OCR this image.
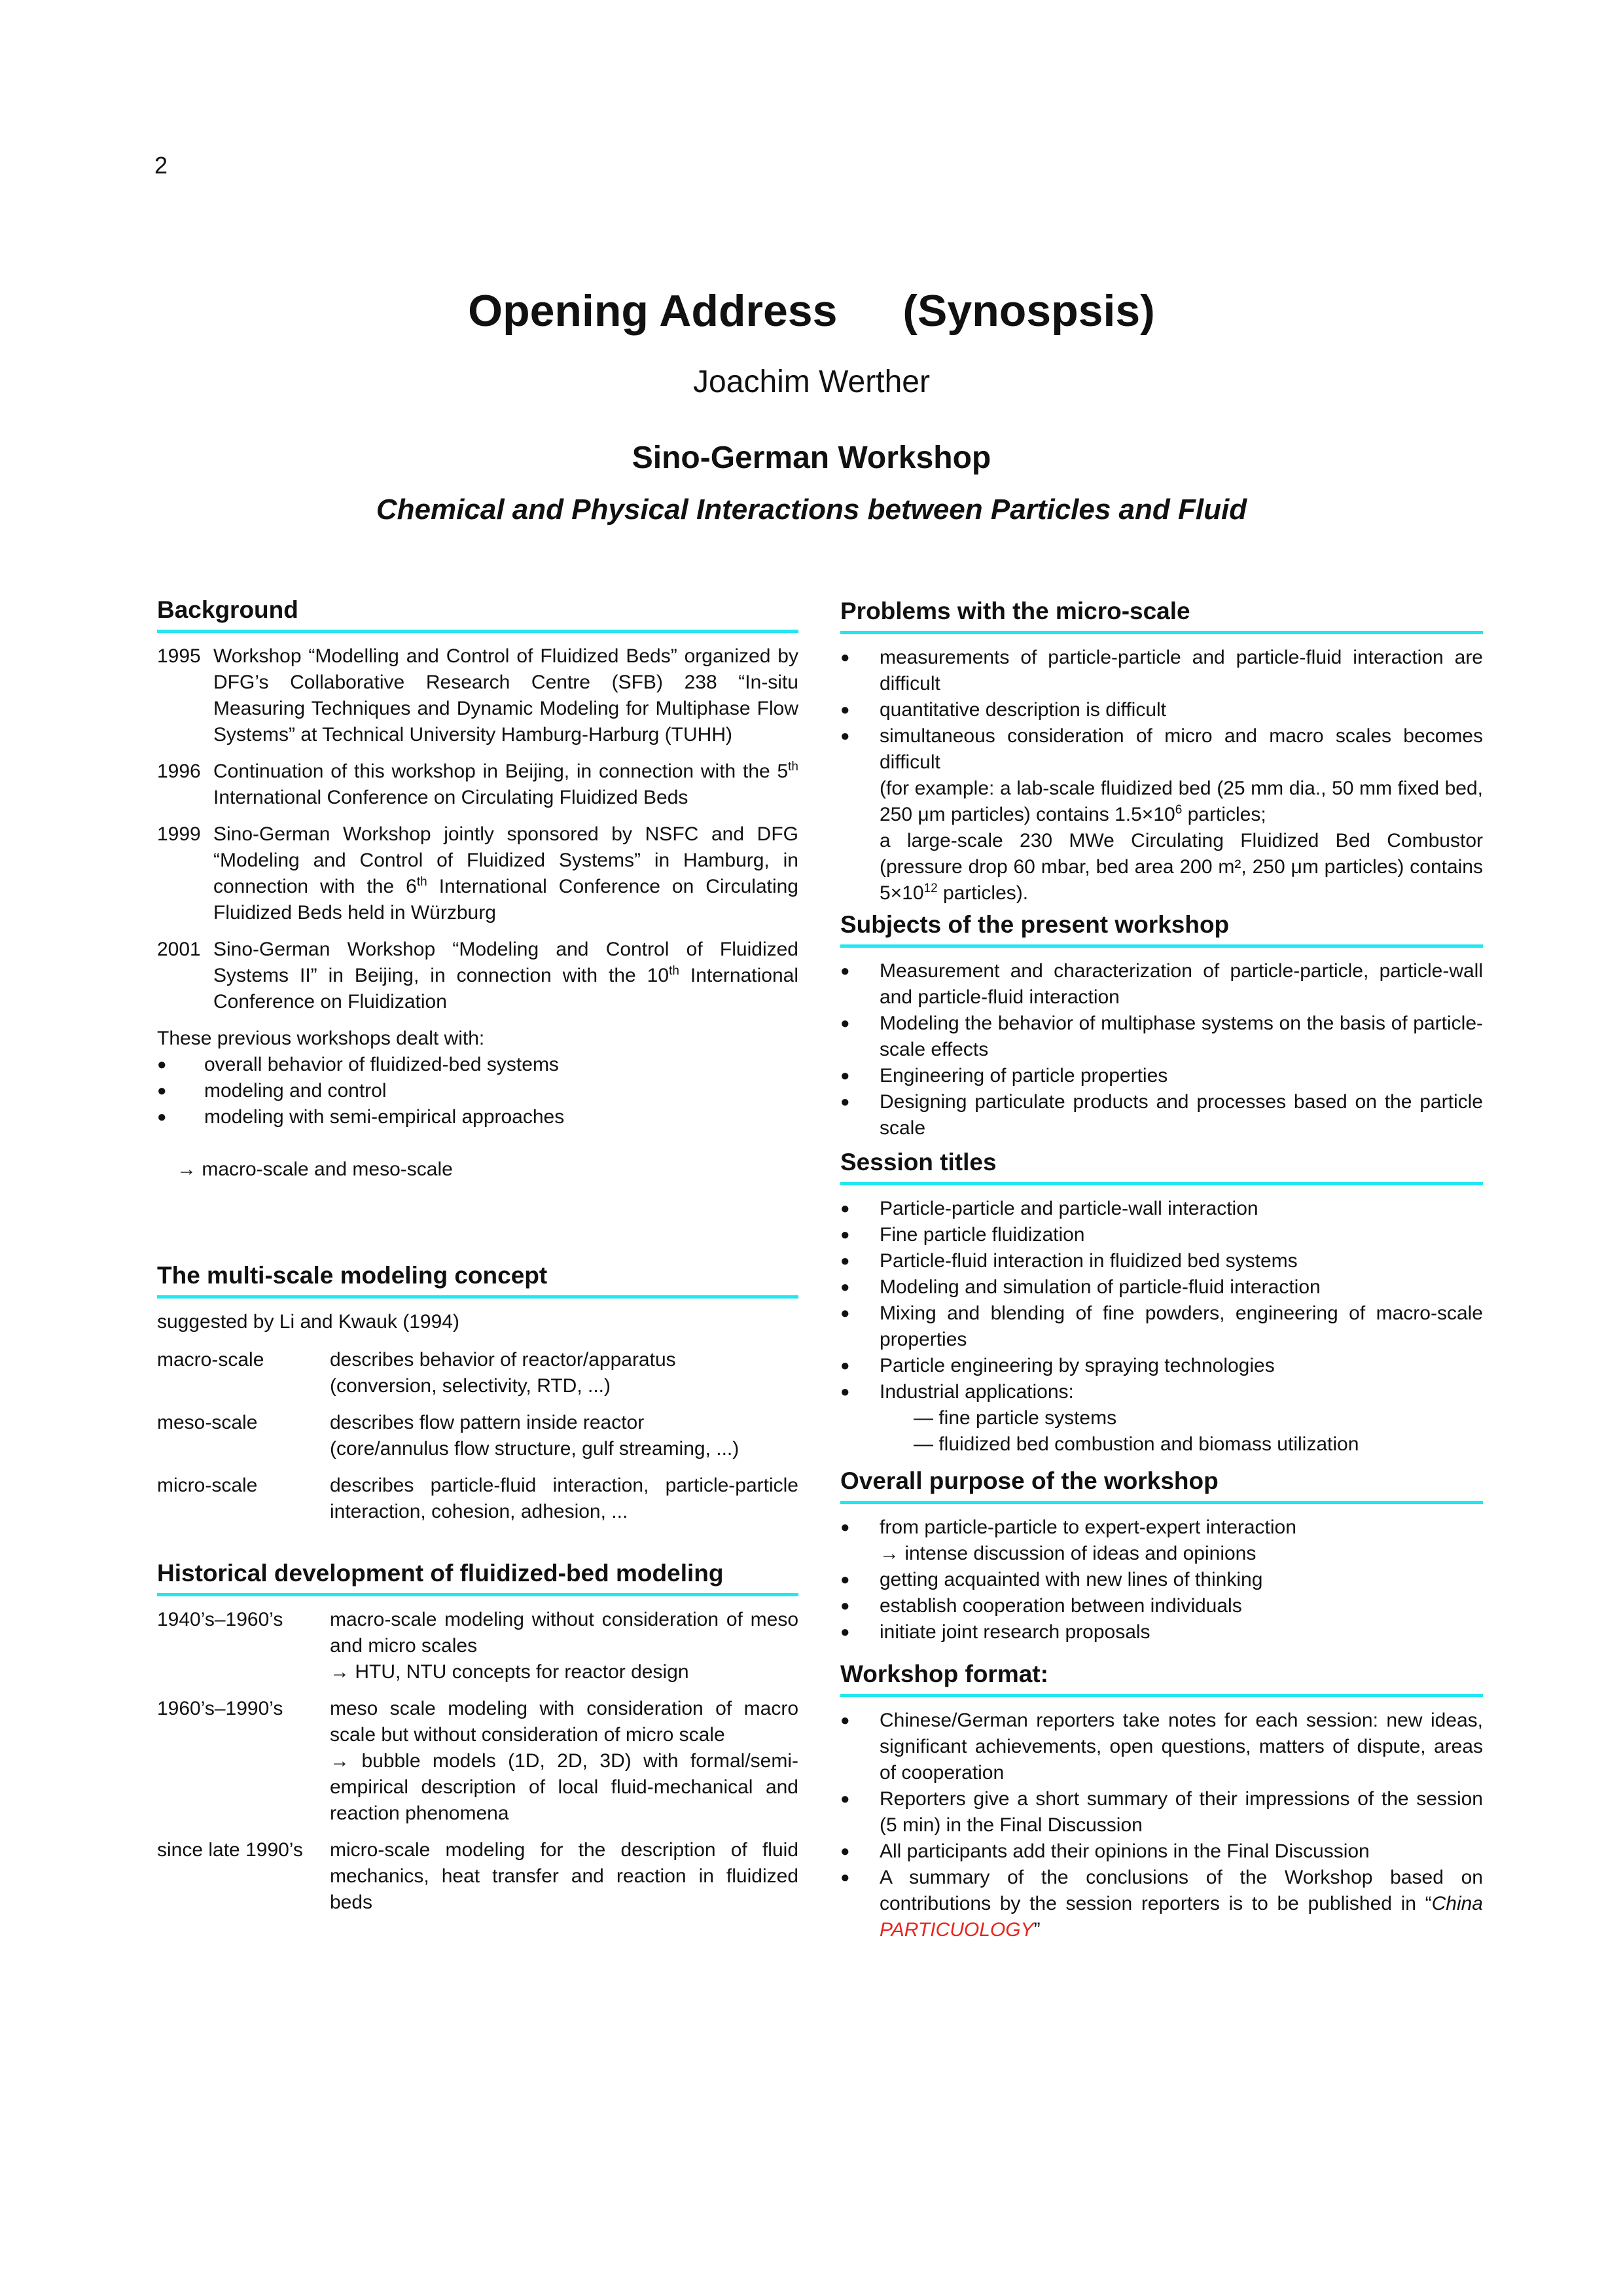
2
Opening Address (Synospsis)
Joachim Werther
Sino-German Workshop
Chemical and Physical Interactions between Particles and Fluid
Background
1995 Workshop “Modelling and Control of Fluidized Beds” organized by DFG’s Collaborative Research Centre (SFB) 238 “In-situ Measuring Techniques and Dynamic Modeling for Multiphase Flow Systems” at Technical University Hamburg-Harburg (TUHH)
1996 Continuation of this workshop in Beijing, in connection with the 5th International Conference on Circulating Fluidized Beds
1999 Sino-German Workshop jointly sponsored by NSFC and DFG “Modeling and Control of Fluidized Systems” in Hamburg, in connection with the 6th International Conference on Circulating Fluidized Beds held in Würzburg
2001 Sino-German Workshop “Modeling and Control of Fluidized Systems II” in Beijing, in connection with the 10th International Conference on Fluidization
These previous workshops dealt with:
● overall behavior of fluidized-bed systems
● modeling and control
● modeling with semi-empirical approaches
→ macro-scale and meso-scale
The multi-scale modeling concept
suggested by Li and Kwauk (1994)
macro-scale	describes behavior of reactor/apparatus
(conversion, selectivity, RTD, ...)
meso-scale	describes flow pattern inside reactor
(core/annulus flow structure, gulf streaming, ...)
micro-scale	describes particle-fluid interaction, particle-particle interaction, cohesion, adhesion, ...
Historical development of fluidized-bed modeling
1940’s–1960’s	macro-scale modeling without consideration of meso and micro scales
→ HTU, NTU concepts for reactor design
1960’s–1990’s	meso scale modeling with consideration of macro scale but without consideration of micro scale
→ bubble models (1D, 2D, 3D) with formal/semi-empirical description of local fluid-mechanical and reaction phenomena
since late 1990’s	micro-scale modeling for the description of fluid mechanics, heat transfer and reaction in fluidized beds
Problems with the micro-scale
● measurements of particle-particle and particle-fluid interaction are difficult
● quantitative description is difficult
● simultaneous consideration of micro and macro scales becomes difficult
(for example: a lab-scale fluidized bed (25 mm dia., 50 mm fixed bed, 250 μm particles) contains $1.5\times 10^6$ particles;
a large-scale 230 MWe Circulating Fluidized Bed Combustor (pressure drop 60 mbar, bed area 200 m², 250 μm particles) contains $5\times 10^{12}$ particles).
Subjects of the present workshop
● Measurement and characterization of particle-particle, particle-wall and particle-fluid interaction
● Modeling the behavior of multiphase systems on the basis of particle-scale effects
● Engineering of particle properties
● Designing particulate products and processes based on the particle scale
Session titles
● Particle-particle and particle-wall interaction
● Fine particle fluidization
● Particle-fluid interaction in fluidized bed systems
● Modeling and simulation of particle-fluid interaction
● Mixing and blending of fine powders, engineering of macro-scale properties
● Particle engineering by spraying technologies
● Industrial applications:
— fine particle systems
— fluidized bed combustion and biomass utilization
Overall purpose of the workshop
● from particle-particle to expert-expert interaction
→ intense discussion of ideas and opinions
● getting acquainted with new lines of thinking
● establish cooperation between individuals
● initiate joint research proposals
Workshop format:
● Chinese/German reporters take notes for each session: new ideas, significant achievements, open questions, matters of dispute, areas of cooperation
● Reporters give a short summary of their impressions of the session (5 min) in the Final Discussion
● All participants add their opinions in the Final Discussion
● A summary of the conclusions of the Workshop based on contributions by the session reporters is to be published in “China PARTICUOLOGY”
